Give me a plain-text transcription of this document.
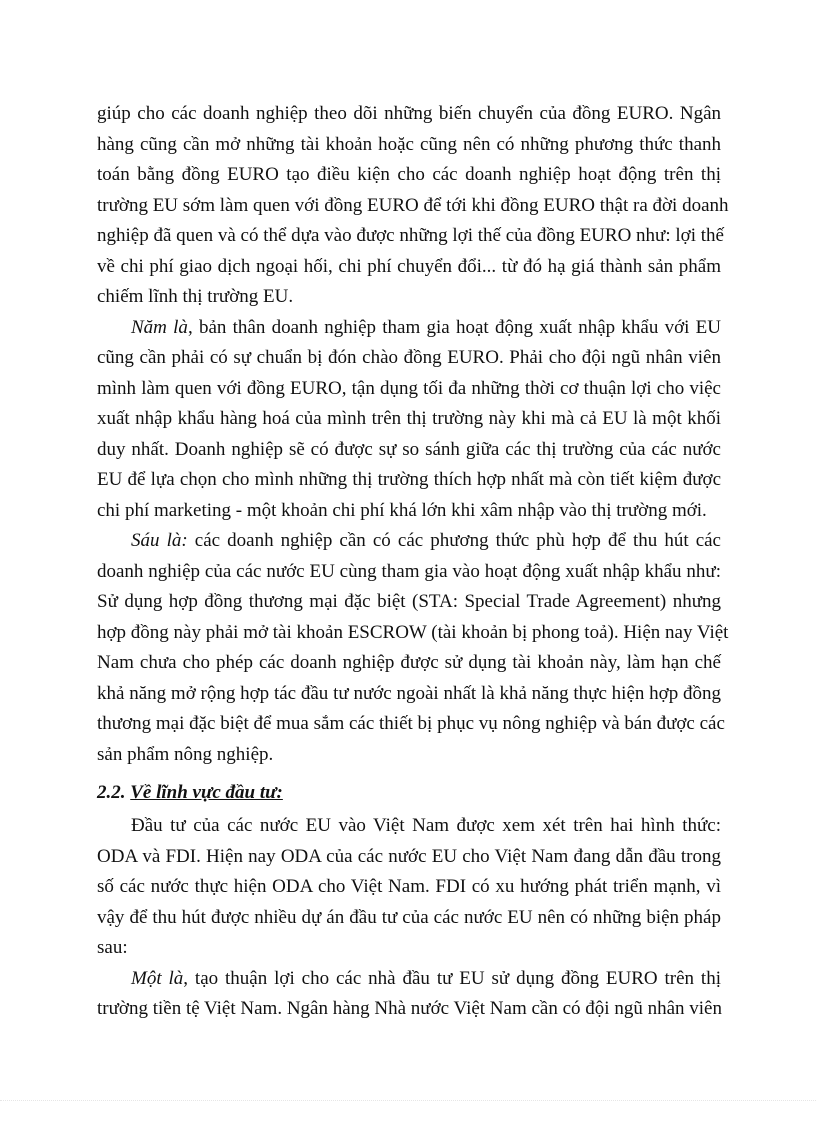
giúp cho các doanh nghiệp theo dõi những biến chuyển của đồng EURO. Ngân
hàng cũng cần mở những tài khoản hoặc cũng nên có những phương thức thanh
toán bằng đồng EURO tạo điều kiện cho các doanh nghiệp hoạt động trên thị
trường EU sớm làm quen với đồng EURO để tới khi đồng EURO thật ra đời doanh
nghiệp đã quen và có thể dựa vào được những lợi thế của đồng EURO như: lợi thế
về chi phí giao dịch ngoại hối, chi phí chuyển đổi... từ đó hạ giá thành sản phẩm
chiếm lĩnh thị trường EU.
Năm là, bản thân doanh nghiệp tham gia hoạt động xuất nhập khẩu với EU
cũng cần phải có sự chuẩn bị đón chào đồng EURO. Phải cho đội ngũ nhân viên
mình làm quen với đồng EURO, tận dụng tối đa những thời cơ thuận lợi cho việc
xuất nhập khẩu hàng hoá của mình trên thị trường này khi mà cả EU là một khối
duy nhất. Doanh nghiệp sẽ có được sự so sánh giữa các thị trường của các nước
EU để lựa chọn cho mình những thị trường thích hợp nhất mà còn tiết kiệm được
chi phí marketing - một khoản chi phí khá lớn khi xâm nhập vào thị trường mới.
Sáu là: các doanh nghiệp cần có các phương thức phù hợp để thu hút các
doanh nghiệp của các nước EU cùng tham gia vào hoạt động xuất nhập khẩu như:
Sử dụng hợp đồng thương mại đặc biệt (STA: Special Trade Agreement) nhưng
hợp đồng này phải mở tài khoản ESCROW (tài khoản bị phong toả). Hiện nay Việt
Nam chưa cho phép các doanh nghiệp được sử dụng tài khoản này, làm hạn chế
khả năng mở rộng hợp tác đầu tư nước ngoài nhất là khả năng thực hiện hợp đồng
thương mại đặc biệt để mua sắm các thiết bị phục vụ nông nghiệp và bán được các
sản phẩm nông nghiệp.
2.2. Về lĩnh vực đầu tư:
Đầu tư của các nước EU vào Việt Nam được xem xét trên hai hình thức:
ODA và FDI. Hiện nay ODA của các nước EU cho Việt Nam đang dẫn đầu trong
số các nước thực hiện ODA cho Việt Nam. FDI có xu hướng phát triển mạnh, vì
vậy để thu hút được nhiều dự án đầu tư của các nước EU nên có những biện pháp
sau:
Một là, tạo thuận lợi cho các nhà đầu tư EU sử dụng đồng EURO trên thị
trường tiền tệ Việt Nam. Ngân hàng Nhà nước Việt Nam cần có đội ngũ nhân viên
